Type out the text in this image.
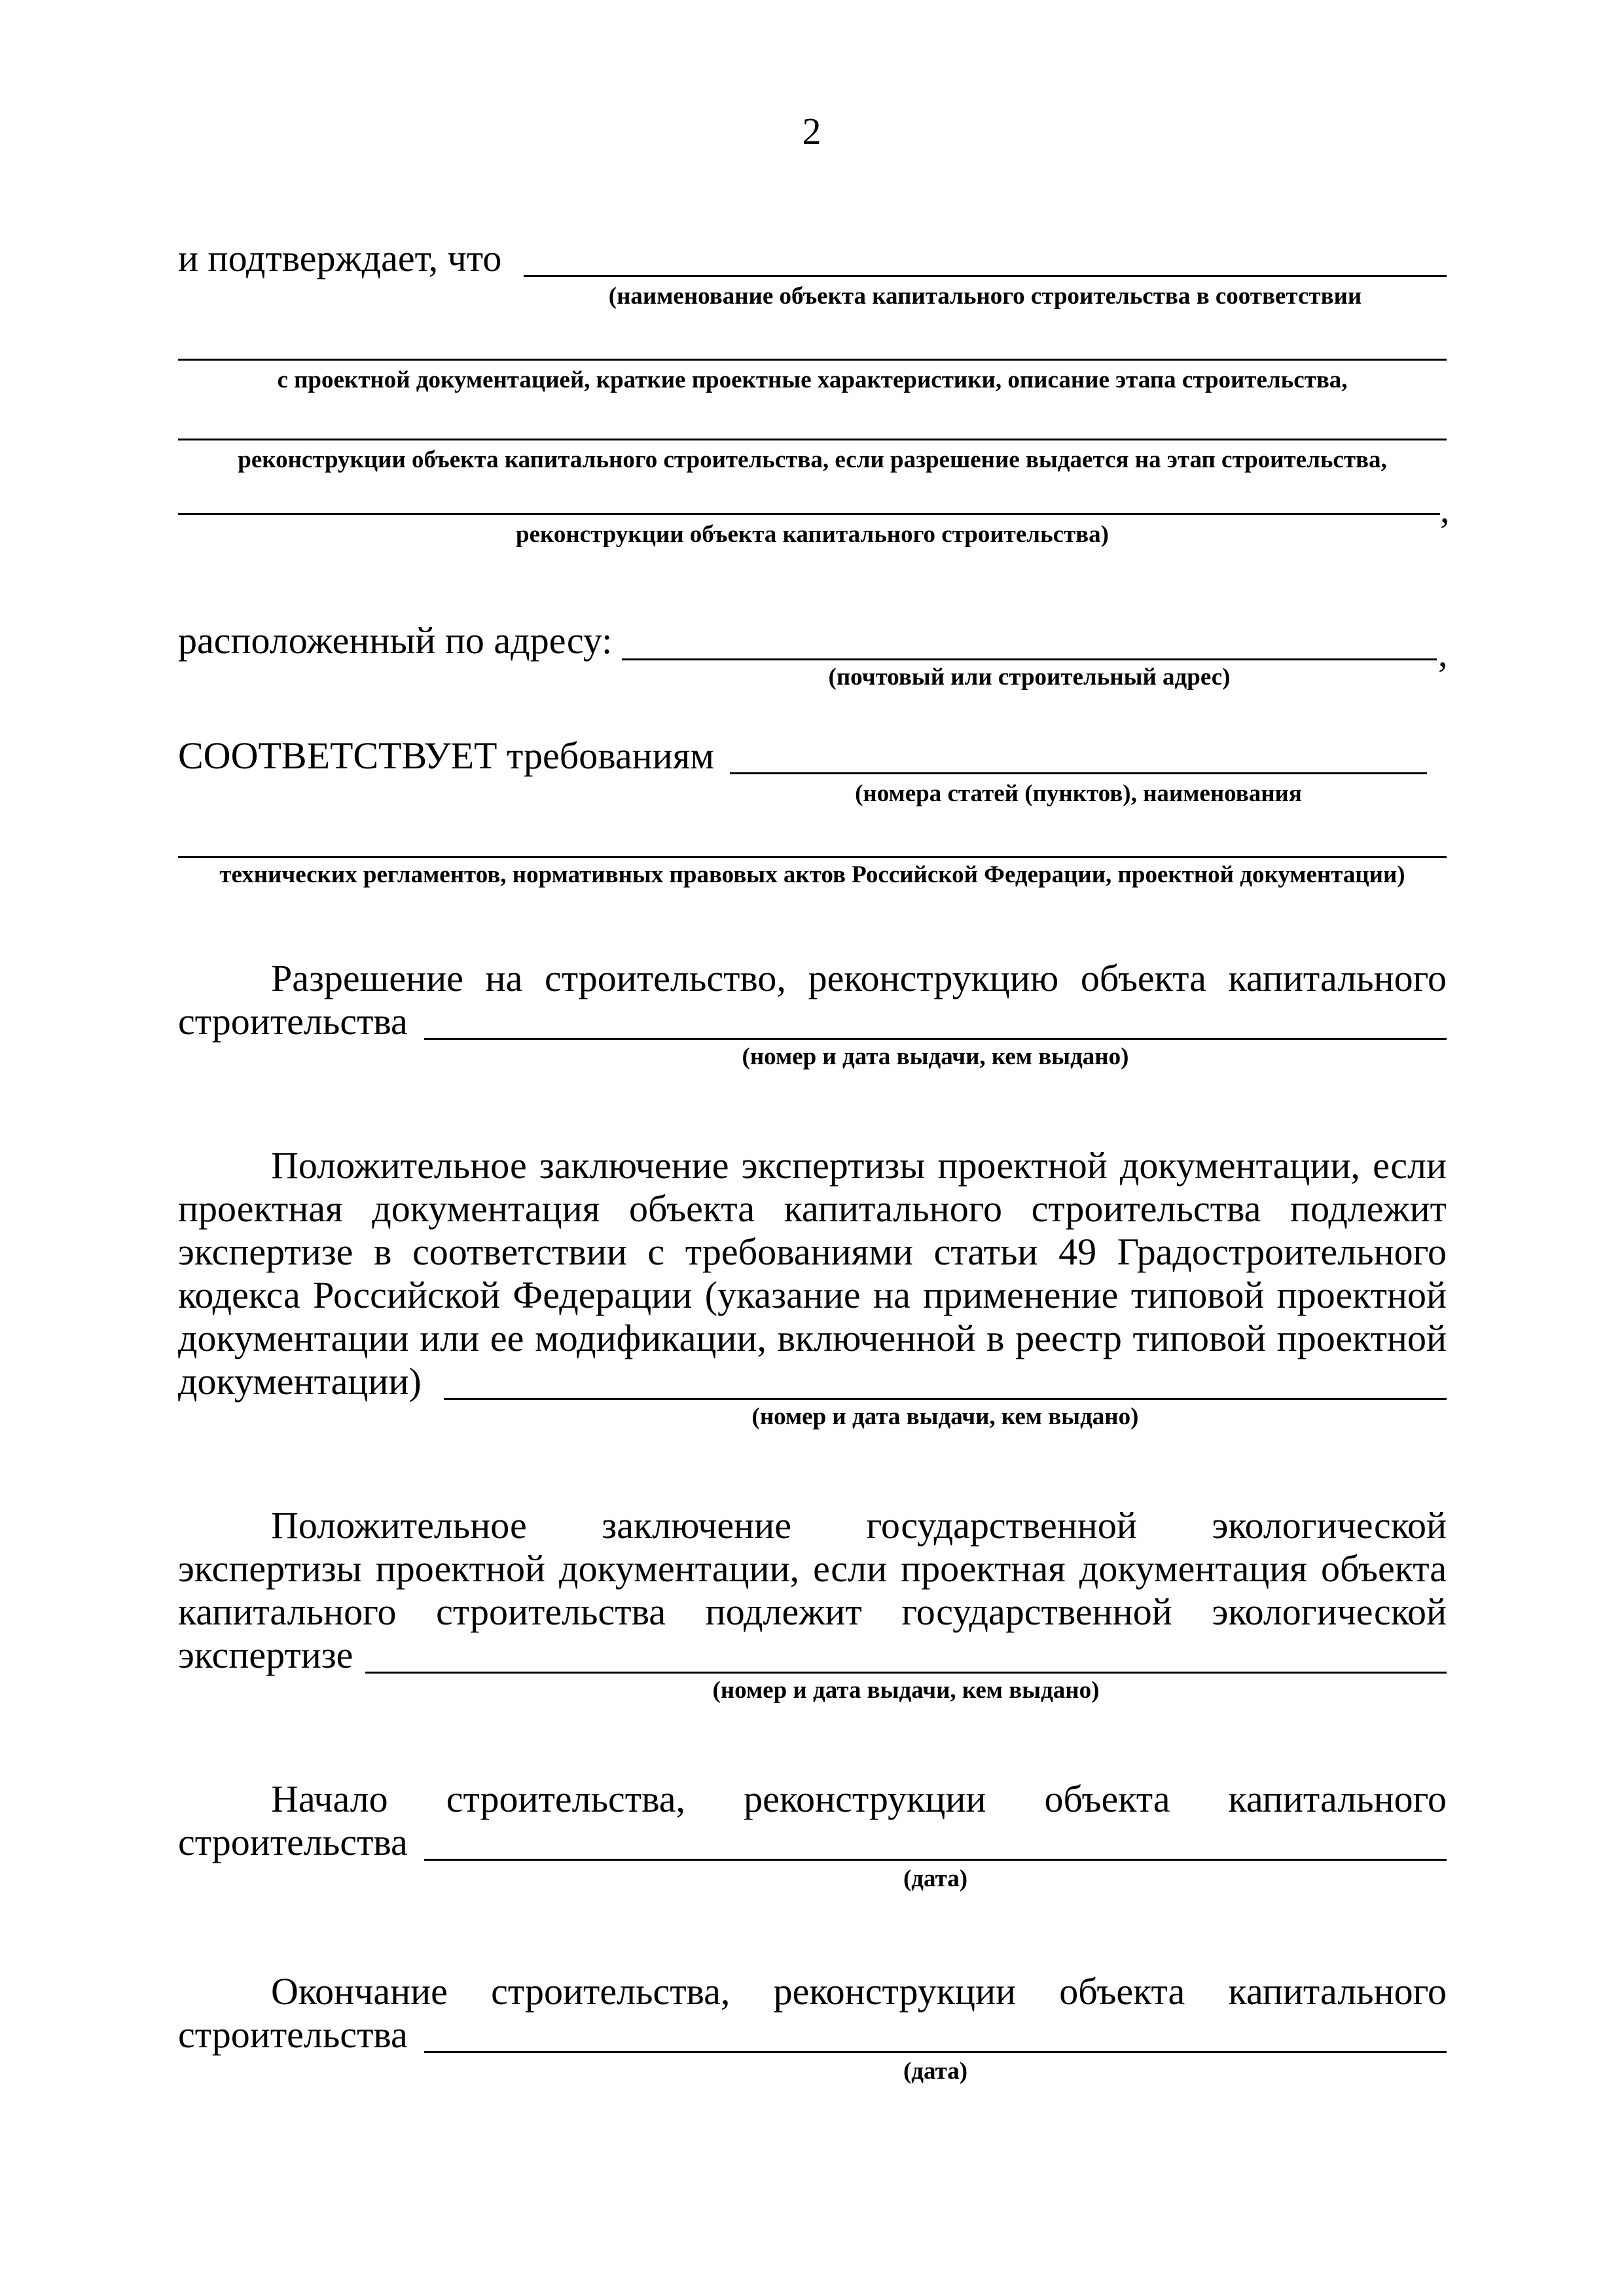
2
и подтверждает, что
(наименование объекта капитального строительства в соответствии
с проектной документацией, краткие проектные характеристики, описание этапа строительства,
реконструкции объекта капитального строительства, если разрешение выдается на этап строительства,
,
реконструкции объекта капитального строительства)
расположенный по адресу:	,
(почтовый или строительный адрес)
СООТВЕТСТВУЕТ требованиям
(номера статей (пунктов), наименования
технических регламентов, нормативных правовых актов Российской Федерации, проектной документации)
Разрешение на строительство, реконструкцию объекта капитального
строительства
(номер и дата выдачи, кем выдано)
Положительное заключение экспертизы проектной документации, если
проектная документация объекта капитального строительства подлежит
экспертизе в соответствии с требованиями статьи 49 Градостроительного
кодекса Российской Федерации (указание на применение типовой проектной
документации или ее модификации, включенной в реестр типовой проектной
документации)
(номер и дата выдачи, кем выдано)
Положительное заключение государственной экологической
экспертизы проектной документации, если проектная документация объекта
капитального строительства подлежит государственной экологической
экспертизе
(номер и дата выдачи, кем выдано)
Начало строительства, реконструкции объекта капитального
строительства
(дата)
Окончание строительства, реконструкции объекта капитального
строительства
(дата)
